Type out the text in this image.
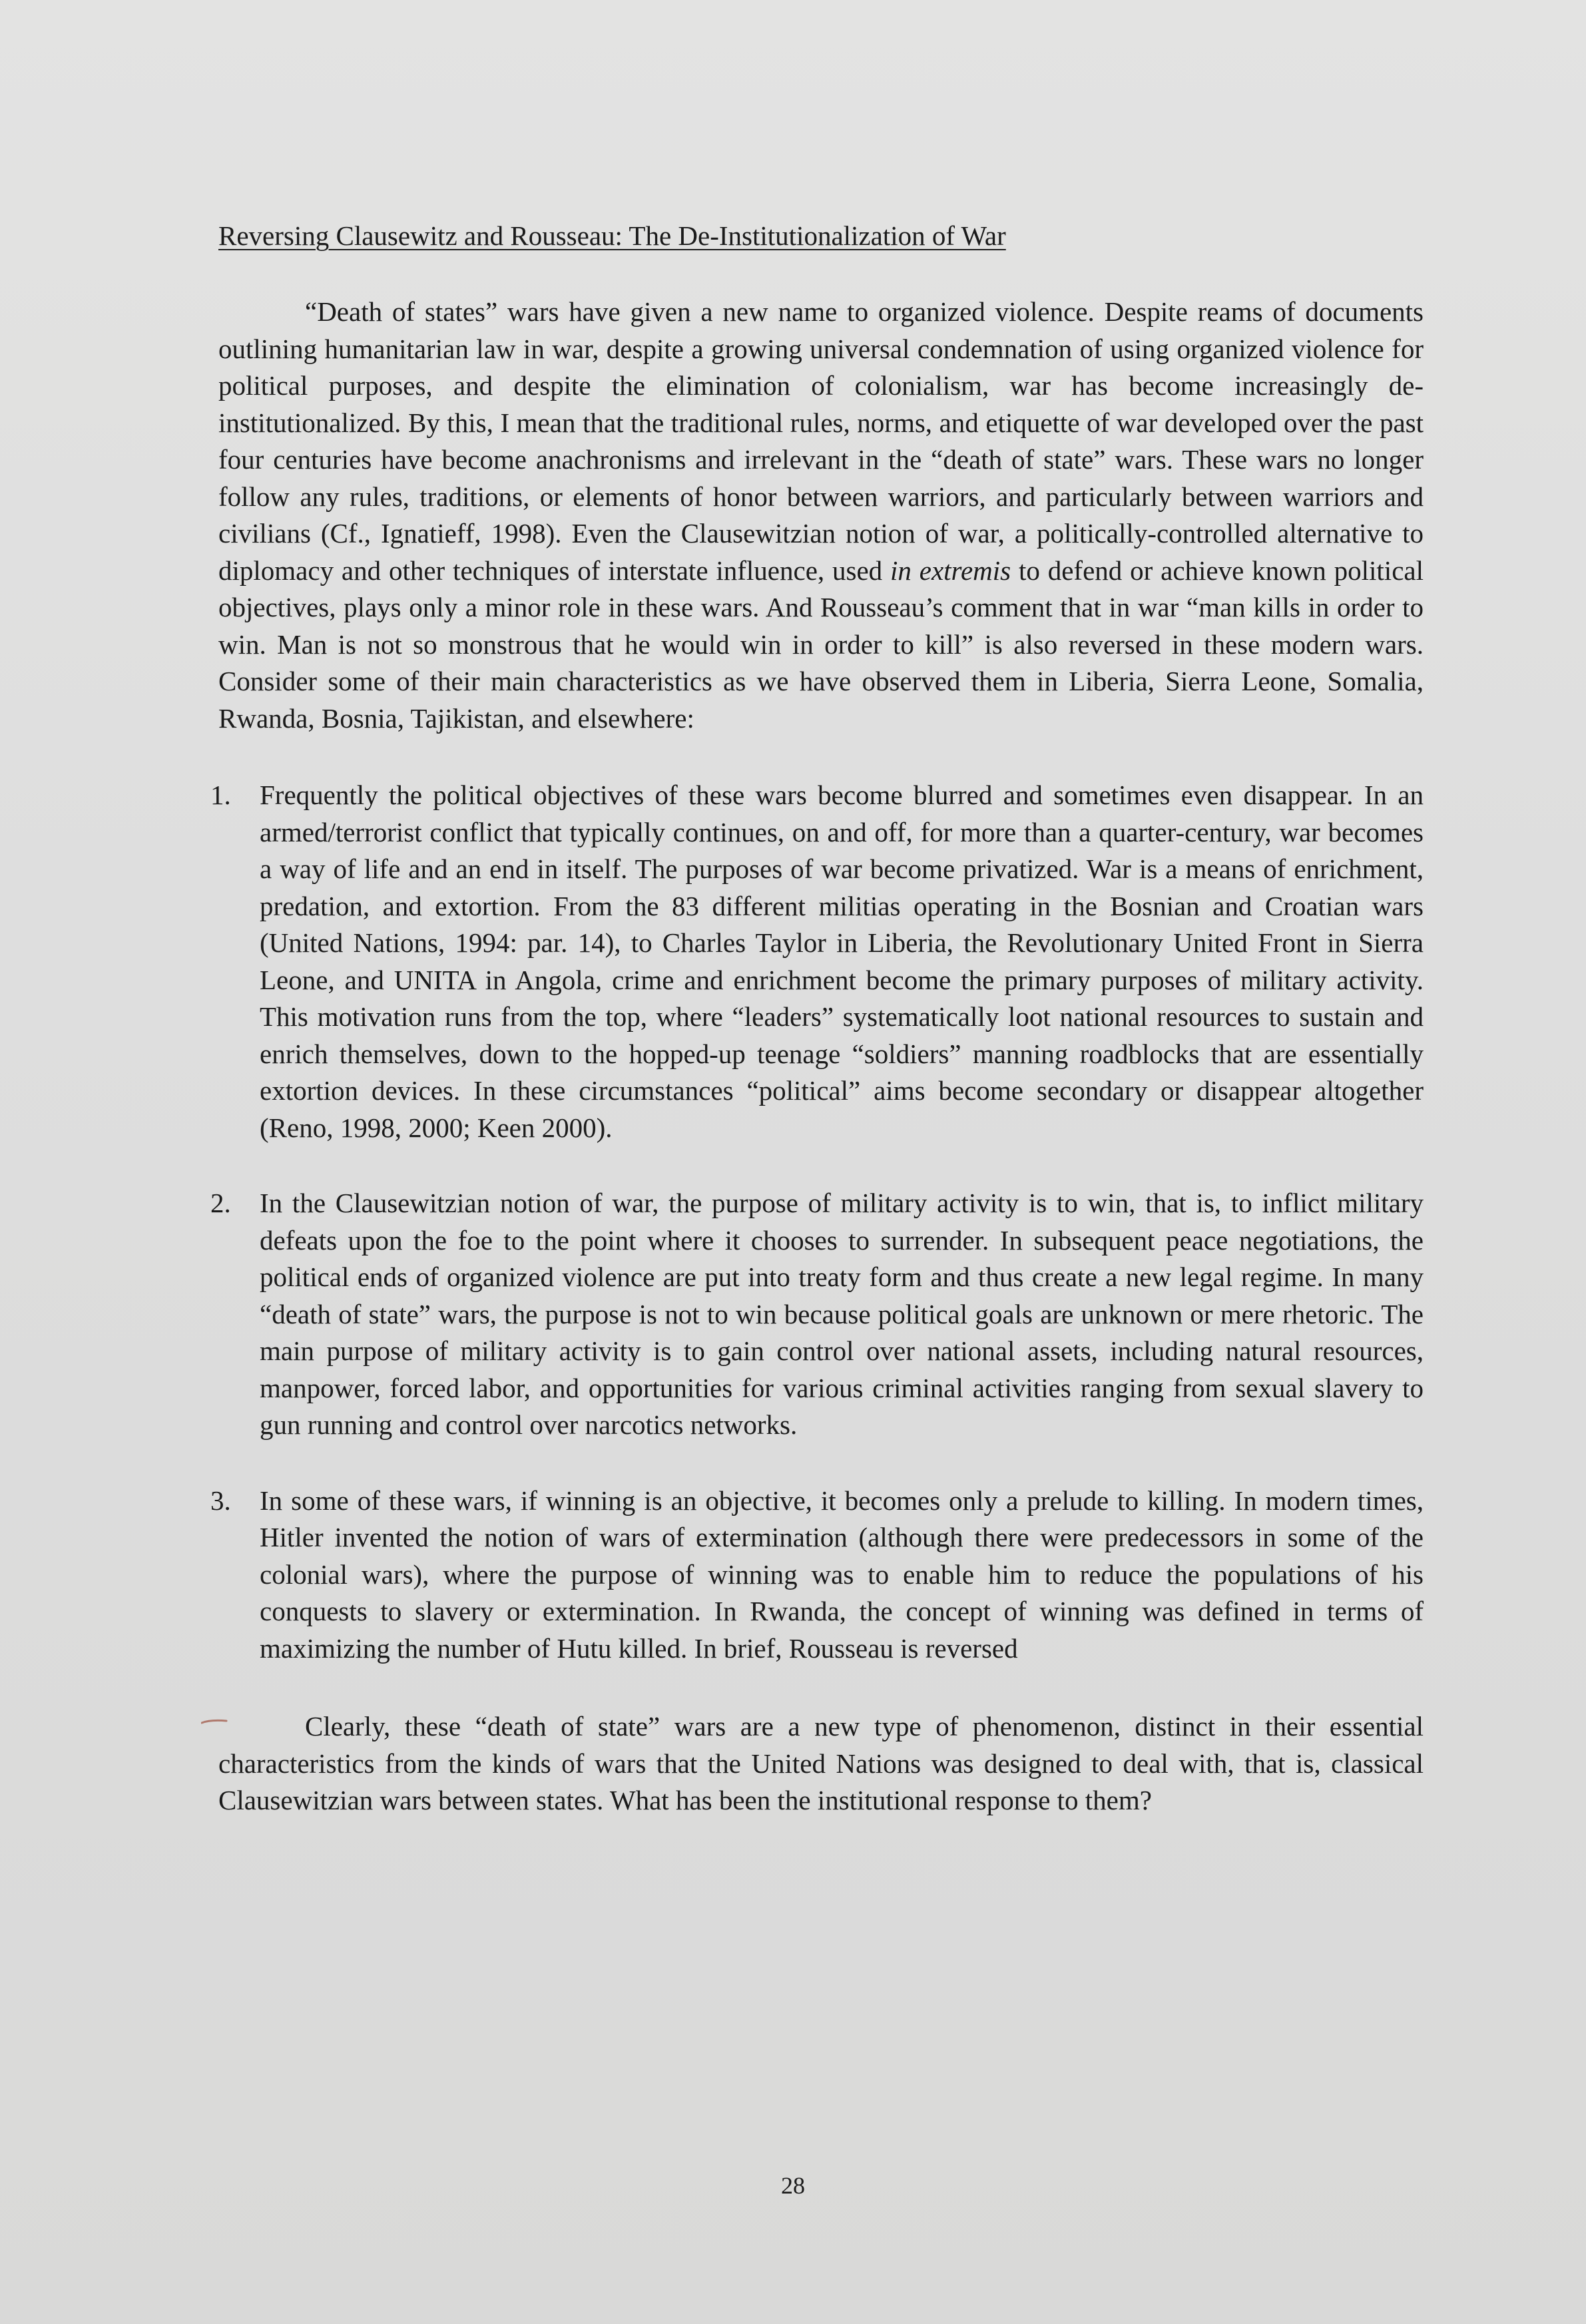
Reversing Clausewitz and Rousseau: The De-Institutionalization of War

“Death of states” wars have given a new name to organized violence. Despite reams of documents outlining humanitarian law in war, despite a growing universal condemnation of using organized violence for political purposes, and despite the elimination of colonialism, war has become increasingly de-institutionalized. By this, I mean that the traditional rules, norms, and etiquette of war developed over the past four centuries have become anachronisms and irrelevant in the “death of state” wars. These wars no longer follow any rules, traditions, or elements of honor between warriors, and particularly between warriors and civilians (Cf., Ignatieff, 1998). Even the Clausewitzian notion of war, a politically-controlled alternative to diplomacy and other techniques of interstate influence, used in extremis to defend or achieve known political objectives, plays only a minor role in these wars. And Rousseau’s comment that in war “man kills in order to win. Man is not so monstrous that he would win in order to kill” is also reversed in these modern wars. Consider some of their main characteristics as we have observed them in Liberia, Sierra Leone, Somalia, Rwanda, Bosnia, Tajikistan, and elsewhere:

1. Frequently the political objectives of these wars become blurred and sometimes even disappear. In an armed/terrorist conflict that typically continues, on and off, for more than a quarter-century, war becomes a way of life and an end in itself. The purposes of war become privatized. War is a means of enrichment, predation, and extortion. From the 83 different militias operating in the Bosnian and Croatian wars (United Nations, 1994: par. 14), to Charles Taylor in Liberia, the Revolutionary United Front in Sierra Leone, and UNITA in Angola, crime and enrichment become the primary purposes of military activity. This motivation runs from the top, where “leaders” systematically loot national resources to sustain and enrich themselves, down to the hopped-up teenage “soldiers” manning roadblocks that are essentially extortion devices. In these circumstances “political” aims become secondary or disappear altogether (Reno, 1998, 2000; Keen 2000).

2. In the Clausewitzian notion of war, the purpose of military activity is to win, that is, to inflict military defeats upon the foe to the point where it chooses to surrender. In subsequent peace negotiations, the political ends of organized violence are put into treaty form and thus create a new legal regime. In many “death of state” wars, the purpose is not to win because political goals are unknown or mere rhetoric. The main purpose of military activity is to gain control over national assets, including natural resources, manpower, forced labor, and opportunities for various criminal activities ranging from sexual slavery to gun running and control over narcotics networks.

3. In some of these wars, if winning is an objective, it becomes only a prelude to killing. In modern times, Hitler invented the notion of wars of extermination (although there were predecessors in some of the colonial wars), where the purpose of winning was to enable him to reduce the populations of his conquests to slavery or extermination. In Rwanda, the concept of winning was defined in terms of maximizing the number of Hutu killed. In brief, Rousseau is reversed

Clearly, these “death of state” wars are a new type of phenomenon, distinct in their essential characteristics from the kinds of wars that the United Nations was designed to deal with, that is, classical Clausewitzian wars between states. What has been the institutional response to them?

28
